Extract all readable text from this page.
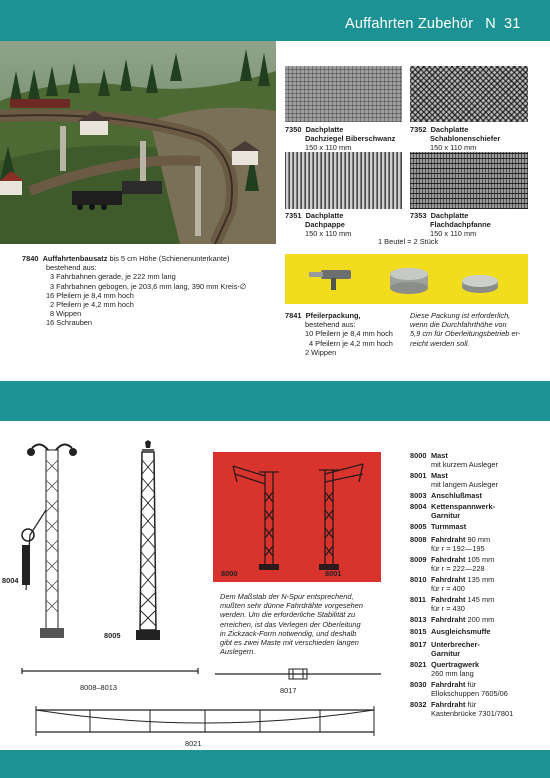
Auffahrten Zubehör N 31
7840 Auffahrtenbausatz bis 5 cm Höhe (Schienenunterkante)
bestehend aus:
3 Fahrbahnen gerade, je 222 mm lang
3 Fahrbahnen gebogen, je 203,6 mm lang, 390 mm Kreis-∅
16 Pfeilern je 8,4 mm hoch
2 Pfeilern je 4,2 mm hoch
8 Wippen
16 Schrauben
7350 Dachplatte
Dachziegel Biberschwanz
150 x 110 mm
7352 Dachplatte
Schablonenschiefer
150 x 110 mm
7351 Dachplatte
Dachpappe
150 x 110 mm
7353 Dachplatte
Flachdachpfanne
150 x 110 mm
1 Beutel = 2 Stück
7841 Pfeilerpackung,
bestehend aus:
10 Pfeilern je 8,4 mm hoch
4 Pfeilern je 4,2 mm hoch
2 Wippen
Diese Packung ist erforderlich,
wenn die Durchfahrthöhe von
5,9 cm für Oberleitungsbetrieb er-
reicht werden soll.
8004
8005
8000	8001
Dem Maßstab der N-Spur entsprechend,
mußten sehr dünne Fahrdrähte vorgesehen
werden. Um die erforderliche Stabilität zu
erreichen, ist das Verlegen der Oberleitung
in Zickzack-Form notwendig, und deshalb
gibt es zwei Maste mit verschieden langen
Auslegern.
8008–8013	8017
8021
8000 Mast
mit kurzem Ausleger
8001 Mast
mit langem Ausleger
8003 Anschlußmast
8004 Kettenspannwerk-
Garnitur
8005 Turmmast
8008 Fahrdraht 90 mm
für r = 192—195
8009 Fahrdraht 105 mm
für r = 222—228
8010 Fahrdraht 135 mm
für r = 400
8011 Fahrdraht 145 mm
für r = 430
8013 Fahrdraht 200 mm
8015 Ausgleichsmuffe
8017 Unterbrecher-
Garnitur
8021 Quertragwerk
260 mm lang
8030 Fahrdraht für
Ellokschuppen 7605/06
8032 Fahrdraht für
Kastenbrücke 7301/7801
